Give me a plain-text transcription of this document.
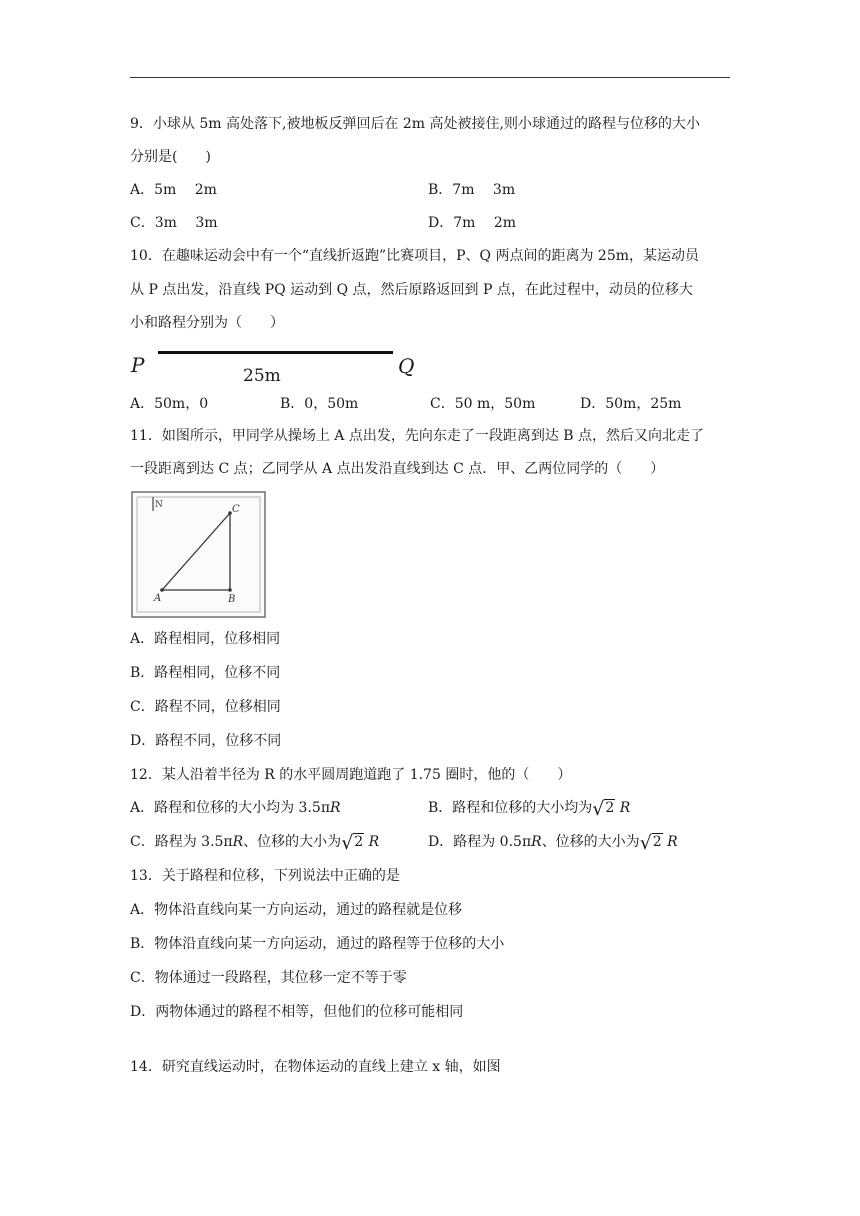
9．小球从 5m 高处落下,被地板反弹回后在 2m 高处被接住,则小球通过的路程与位移的大小
分别是(　　)
A．5m　 2m	B．7m　 3m
C．3m　 3m	D．7m　 2m
10．在趣味运动会中有一个“直线折返跑”比赛项目，P、Q 两点间的距离为 25m，某运动员
从 P 点出发，沿直线 PQ 运动到 Q 点，然后原路返回到 P 点，在此过程中，动员的位移大
小和路程分别为（　　）
P	25m	Q
A．50m，0	B．0，50m	C．50 m，50m	D．50m，25m
11．如图所示，甲同学从操场上 A 点出发，先向东走了一段距离到达 B 点，然后又向北走了
一段距离到达 C 点；乙同学从 A 点出发沿直线到达 C 点．甲、乙两位同学的（　　）
N
A	B
C
A．路程相同，位移相同
B．路程相同，位移不同
C．路程不同，位移相同
D．路程不同，位移不同
12．某人沿着半径为 R 的水平圆周跑道跑了 1.75 圈时，他的（　　）
A．路程和位移的大小均为 3.5πR	B．路程和位移的大小均为√2 R
C．路程为 3.5πR、位移的大小为√2 R	D．路程为 0.5πR、位移的大小为√2 R
13．关于路程和位移，下列说法中正确的是
A．物体沿直线向某一方向运动，通过的路程就是位移
B．物体沿直线向某一方向运动，通过的路程等于位移的大小
C．物体通过一段路程，其位移一定不等于零
D．两物体通过的路程不相等，但他们的位移可能相同
14．研究直线运动时，在物体运动的直线上建立 x 轴，如图
